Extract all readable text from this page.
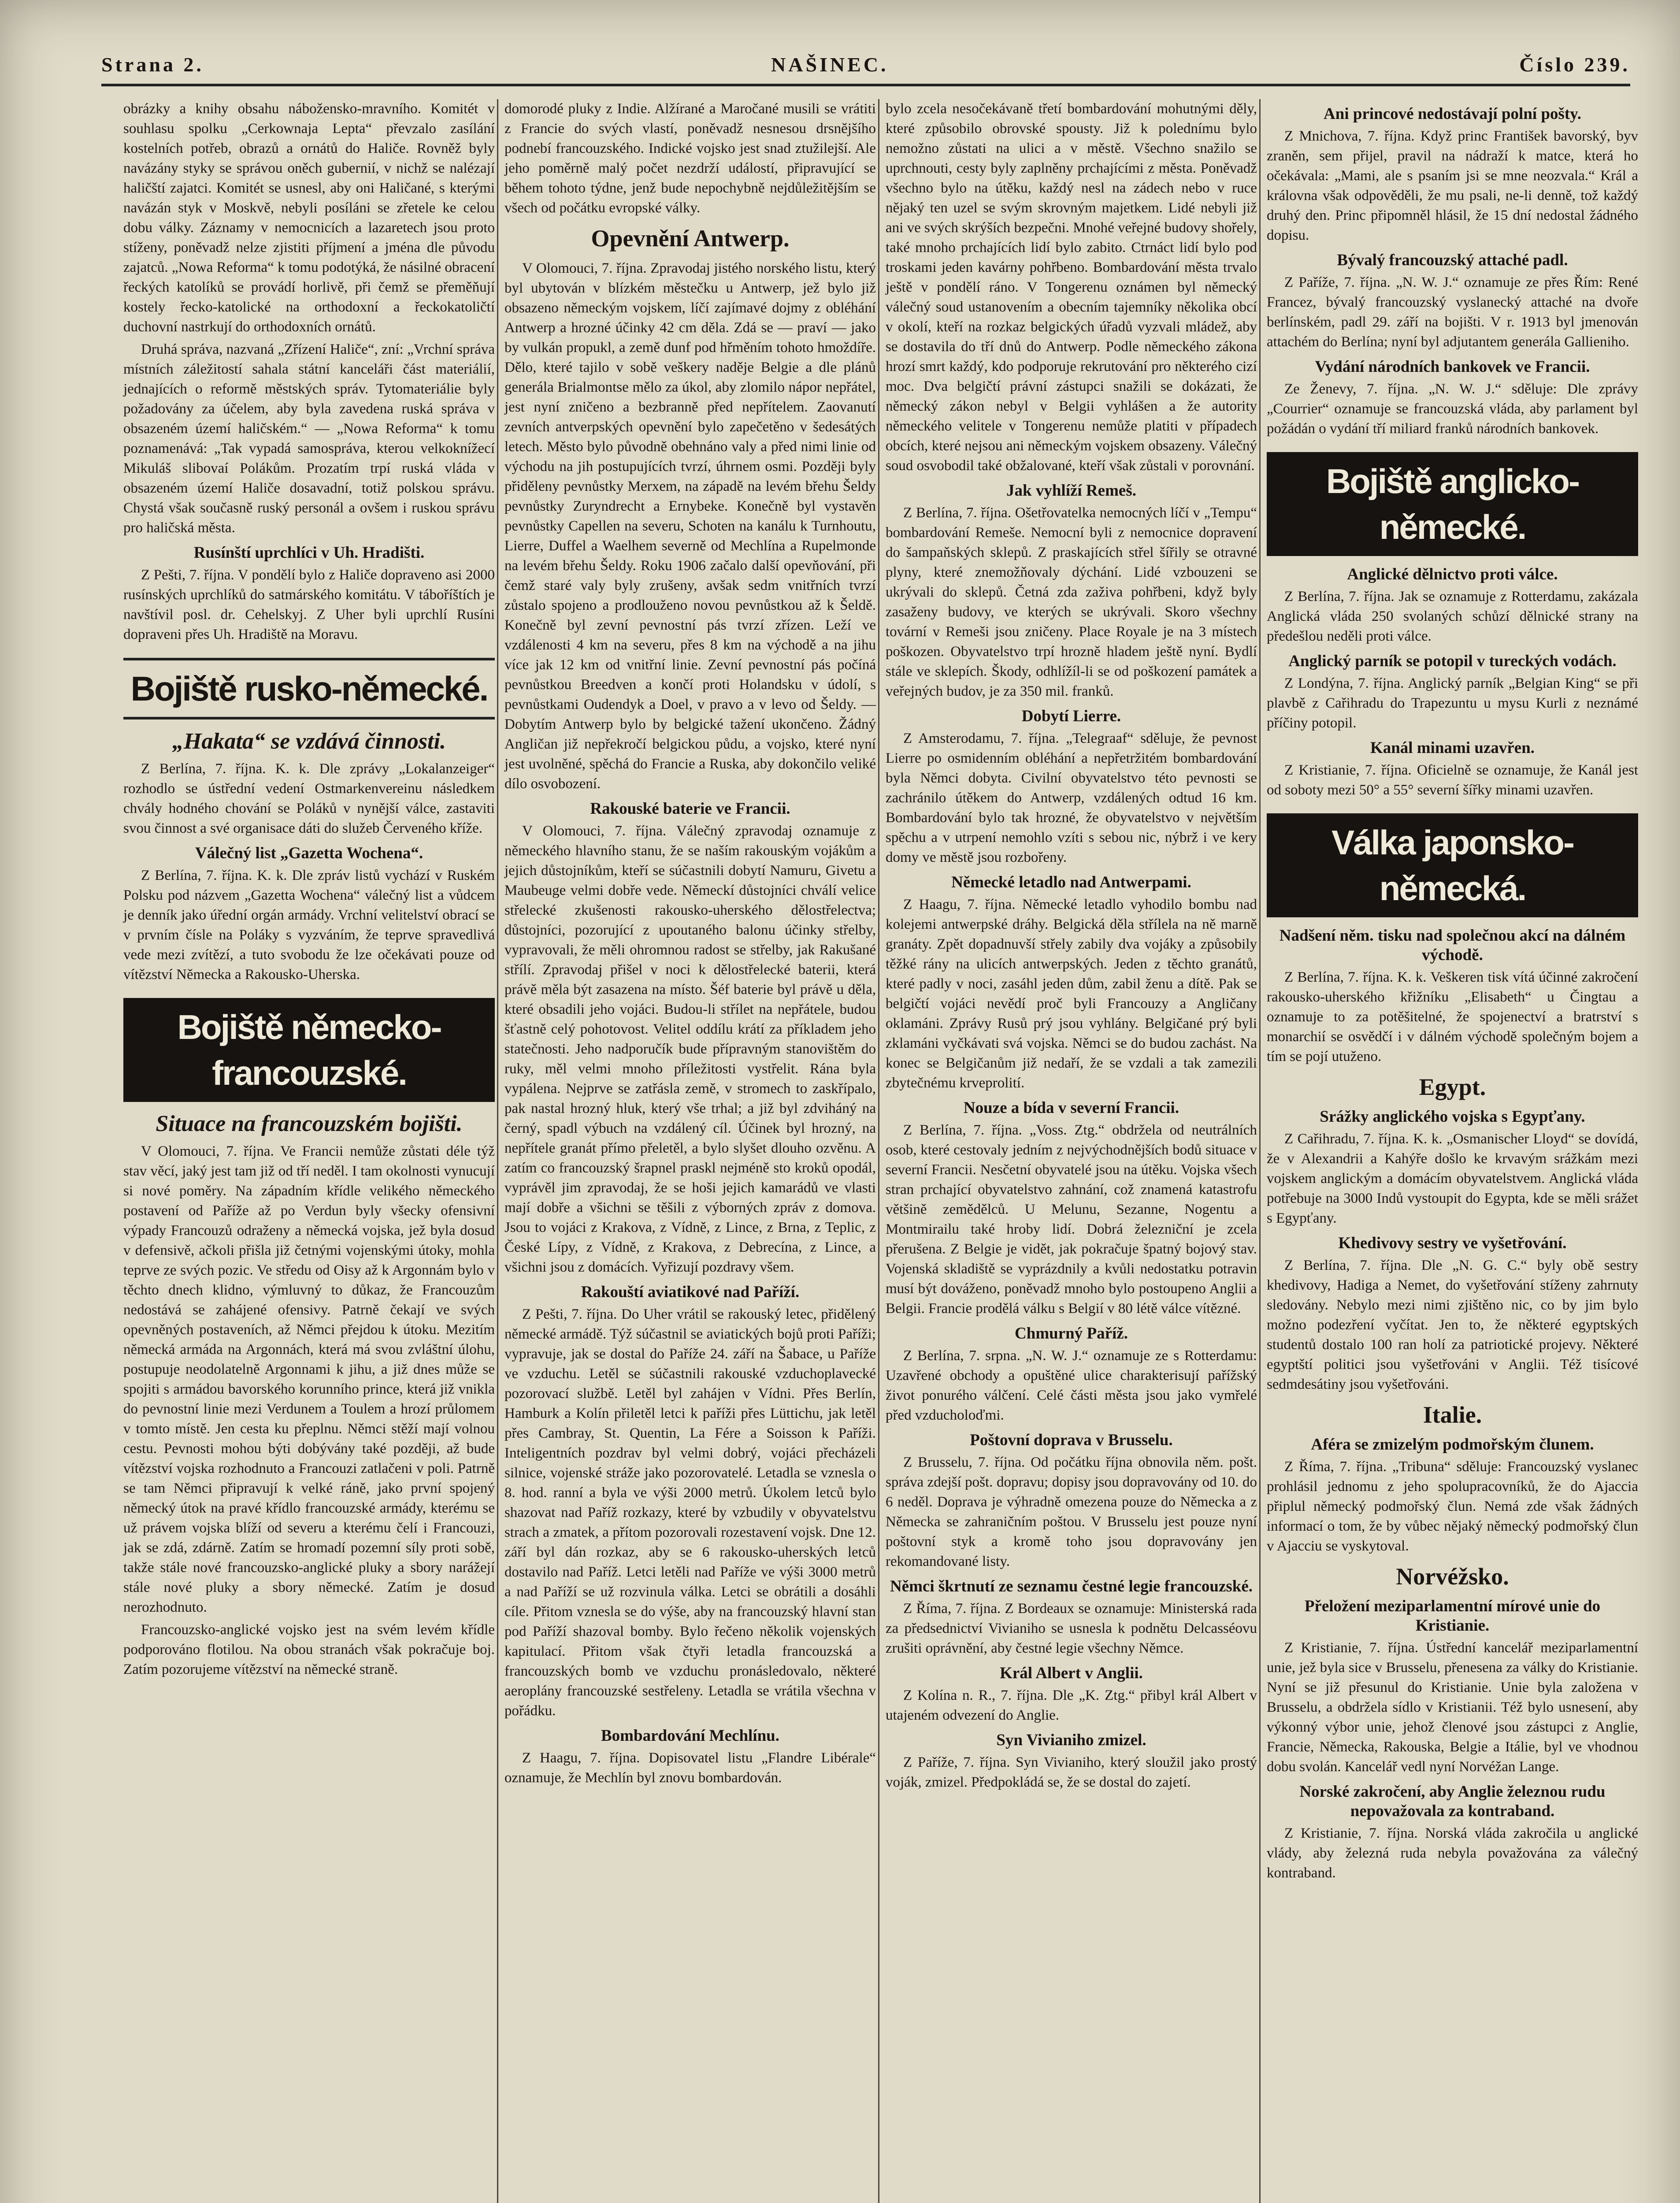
Strana 2.	NAŠINEC.	Číslo 239.

obrázky a knihy obsahu nábožensko-mravního. Komitét v souhlasu spolku „Cerkownaja Lepta“ převzalo zasílání kostelních potřeb, obrazů a ornátů do Haliče. Rovněž byly navázány styky se správou oněch gubernií, v nichž se nalézají haličští zajatci. Komitét se usnesl, aby oni Haličané, s kterými navázán styk v Moskvě, nebyli posíláni se zřetele ke celou dobu války. Záznamy v nemocnicích a lazaretech jsou proto stíženy, poněvadž nelze zjistiti příjmení a jména dle původu zajatců. „Nowa Reforma“ k tomu podotýká, že násilné obracení řeckých katolíků se provádí horlivě, při čemž se přeměňují kostely řecko-katolické na orthodoxní a řeckokatoličtí duchovní nastrkují do orthodoxních ornátů.

Druhá správa, nazvaná „Zřízení Haliče“, zní: „Vrchní správa místních záležitostí sahala státní kanceláři část materiálií, jednajících o reformě městských správ. Tytomateriálie byly požadovány za účelem, aby byla zavedena ruská správa v obsazeném území haličském.“ — „Nowa Reforma“ k tomu poznamenává: „Tak vypadá samospráva, kterou velkoknížecí Mikuláš slibovaí Polákům. Prozatím trpí ruská vláda v obsazeném území Haliče dosavadní, totiž polskou správu. Chystá však současně ruský personál a ovšem i ruskou správu pro haličská města.

Rusínští uprchlíci v Uh. Hradišti.

Z Pešti, 7. října. V pondělí bylo z Haliče dopraveno asi 2000 rusínských uprchlíků do satmárského komitátu. V táboříštích je navštívil posl. dr. Cehelskyj. Z Uher byli uprchlí Rusíni dopraveni přes Uh. Hradiště na Moravu.

Bojiště rusko-německé.
„Hakata“ se vzdává činnosti.

Z Berlína, 7. října. K. k. Dle zprávy „Lokalanzeiger“ rozhodlo se ústřední vedení Ostmarkenvereinu následkem chvály hodného chování se Poláků v nynější válce, zastaviti svou činnost a své organisace dáti do služeb Červeného kříže.

Válečný list „Gazetta Wochena“.

Z Berlína, 7. října. K. k. Dle zpráv listů vychází v Ruském Polsku pod názvem „Gazetta Wochena“ válečný list a vůdcem je denník jako úřední orgán armády. Vrchní velitelství obrací se v prvním čísle na Poláky s vyzváním, že teprve spravedlivá vede mezi zvítězí, a tuto svobodu že lze očekávati pouze od vítězství Německa a Rakousko-Uherska.

Bojiště německo-francouzské.
Situace na francouzském bojišti.

V Olomouci, 7. října. Ve Francii nemůže zůstati déle týž stav věcí, jaký jest tam již od tří neděl. I tam okolnosti vynucují si nové poměry. Na západním křídle velikého německého postavení od Paříže až po Verdun byly všecky ofensivní výpady Francouzů odraženy a německá vojska, jež byla dosud v defensivě, ačkoli přišla již četnými vojenskými útoky, mohla teprve ze svých pozic. Ve středu od Oisy až k Argonnám bylo v těchto dnech klidno, výmluvný to důkaz, že Francouzům nedostává se zahájené ofensivy. Patrně čekají ve svých opevněných postaveních, až Němci přejdou k útoku. Mezitím německá armáda na Argonnách, která má svou zvláštní úlohu, postupuje neodolatelně Argonnami k jihu, a již dnes může se spojiti s armádou bavorského korunního prince, která již vnikla do pevnostní linie mezi Verdunem a Toulem a hrozí průlomem v tomto místě. Jen cesta ku přeplnu. Němci stěží mají volnou cestu. Pevnosti mohou býti dobývány také později, až bude vítězství vojska rozhodnuto a Francouzi zatlačeni v poli. Patrně se tam Němci připravují k velké ráně, jako první spojený německý útok na pravé křídlo francouzské armády, kterému se už právem vojska blíží od severu a kterému čelí i Francouzi, jak se zdá, zdárně. Zatím se hromadí pozemní síly proti sobě, takže stále nové francouzsko-anglické pluky a sbory narážejí stále nové pluky a sbory německé. Zatím je dosud nerozhodnuto.

Francouzsko-anglické vojsko jest na svém levém křídle podporováno flotilou. Na obou stranách však pokračuje boj. Zatím pozorujeme vítězství na německé straně.

domorodé pluky z Indie. Alžírané a Maročané musili se vrátiti z Francie do svých vlastí, poněvadž nesnesou drsnějšího podnebí francouzského. Indické vojsko jest snad ztužilejší. Ale jeho poměrně malý počet nezdrží událostí, připravující se během tohoto týdne, jenž bude nepochybně nejdůležitějším se všech od počátku evropské války.

Opevnění Antwerp.

V Olomouci, 7. října. Zpravodaj jistého norského listu, který byl ubytován v blízkém městečku u Antwerp, jež bylo již obsazeno německým vojskem, líčí zajímavé dojmy z obléhání Antwerp a hrozné účinky 42 cm děla. Zdá se — praví — jako by vulkán propukl, a země dunf pod hřměním tohoto hmoždíře. Dělo, které tajilo v sobě veškery naděje Belgie a dle plánů generála Brialmontse mělo za úkol, aby zlomilo nápor nepřátel, jest nyní zničeno a bezbranně před nepřítelem. Zaovanutí zevních antverpských opevnění bylo zapečetěno v šedesátých letech. Město bylo původně obehnáno valy a před nimi linie od východu na jih postupujících tvrzí, úhrnem osmi. Později byly přiděleny pevnůstky Merxem, na západě na levém břehu Šeldy pevnůstky Zuryndrecht a Ernybeke. Konečně byl vystavěn pevnůstky Capellen na severu, Schoten na kanálu k Turnhoutu, Lierre, Duffel a Waelhem severně od Mechlína a Rupelmonde na levém břehu Šeldy. Roku 1906 začalo další opevňování, při čemž staré valy byly zrušeny, avšak sedm vnitřních tvrzí zůstalo spojeno a prodlouženo novou pevnůstkou až k Šeldě. Konečně byl zevní pevnostní pás tvrzí zřízen. Leží ve vzdálenosti 4 km na severu, přes 8 km na východě a na jihu více jak 12 km od vnitřní linie. Zevní pevnostní pás počíná pevnůstkou Breedven a končí proti Holandsku v údolí, s pevnůstkami Oudendyk a Doel, v pravo a v levo od Šeldy. — Dobytím Antwerp bylo by belgické tažení ukončeno. Žádný Angličan již nepřekročí belgickou půdu, a vojsko, které nyní jest uvolněné, spěchá do Francie a Ruska, aby dokončilo veliké dílo osvobození.

Rakouské baterie ve Francii.

V Olomouci, 7. října. Válečný zpravodaj oznamuje z německého hlavního stanu, že se naším rakouským vojákům a jejich důstojníkům, kteří se súčastnili dobytí Namuru, Givetu a Maubeuge velmi dobře vede. Německí důstojníci chválí velice střelecké zkušenosti rakousko-uherského dělostřelectva; důstojníci, pozorující z upoutaného balonu účinky střelby, vypravovali, že měli ohromnou radost se střelby, jak Rakušané střílí. Zpravodaj přišel v noci k dělostřelecké baterii, která právě měla být zasazena na místo. Šéf baterie byl právě u děla, které obsadili jeho vojáci. Budou-li střílet na nepřátele, budou šťastně celý pohotovost. Velitel oddílu krátí za příkladem jeho statečnosti. Jeho nadporučík bude přípravným stanovištěm do ruky, měl velmi mnoho příležitosti vystřelit. Rána byla vypálena. Nejprve se zatřásla země, v stromech to zaskřípalo, pak nastal hrozný hluk, který vše trhal; a již byl zdviháný na černý, spadl výbuch na vzdálený cíl. Účinek byl hrozný, na nepřítele granát přímo přeletěl, a bylo slyšet dlouho ozvěnu. A zatím co francouzský šrapnel praskl nejméně sto kroků opodál, vyprávěl jim zpravodaj, že se hoši jejich kamarádů ve vlasti mají dobře a všichni se těšili z výborných zpráv z domova. Jsou to vojáci z Krakova, z Vídně, z Lince, z Brna, z Teplic, z České Lípy, z Vídně, z Krakova, z Debrecína, z Lince, a všichni jsou z domácích. Vyřizují pozdravy všem.

Rakouští aviatikové nad Paříží.

Z Pešti, 7. října. Do Uher vrátil se rakouský letec, přidělený německé armádě. Týž súčastnil se aviatických bojů proti Paříži; vypravuje, jak se dostal do Paříže 24. září na Šabace, u Paříže ve vzduchu. Letěl se súčastnili rakouské vzduchoplavecké pozorovací službě. Letěl byl zahájen v Vídni. Přes Berlín, Hamburk a Kolín přiletěl letci k paříži přes Lüttichu, jak letěl přes Cambray, St. Quentin, La Fére a Soisson k Paříži. Inteligentních pozdrav byl velmi dobrý, vojáci přecházeli silnice, vojenské stráže jako pozorovatelé. Letadla se vznesla o 8. hod. ranní a byla ve výši 2000 metrů. Úkolem letců bylo shazovat nad Paříž rozkazy, které by vzbudily v obyvatelstvu strach a zmatek, a přítom pozorovali rozestavení vojsk. Dne 12. září byl dán rozkaz, aby se 6 rakousko-uherských letců dostavilo nad Paříž. Letci letěli nad Paříže ve výši 3000 metrů a nad Paříží se už rozvinula válka. Letci se obrátili a dosáhli cíle. Přitom vznesla se do výše, aby na francouzský hlavní stan pod Paříží shazoval bomby. Bylo řečeno několik vojenských kapitulací. Přitom však čtyři letadla francouzská a francouzských bomb ve vzduchu pronásledovalo, některé aeroplány francouzské sestřeleny. Letadla se vrátila všechna v pořádku.

Bombardování Mechlínu.

Z Haagu, 7. října. Dopisovatel listu „Flandre Libérale“ oznamuje, že Mechlín byl znovu bombardován.

bylo zcela nesočekávaně třetí bombardování mohutnými děly, které způsobilo obrovské spousty. Již k polednímu bylo nemožno zůstati na ulici a v městě. Všechno snažilo se uprchnouti, cesty byly zaplněny prchajícími z města. Poněvadž všechno bylo na útěku, každý nesl na zádech nebo v ruce nějaký ten uzel se svým skrovným majetkem. Lidé nebyli již ani ve svých skrýších bezpečni. Mnohé veřejné budovy shořely, také mnoho prchajících lidí bylo zabito. Ctrnáct lidí bylo pod troskami jeden kavárny pohřbeno. Bombardování města trvalo ještě v pondělí ráno. V Tongerenu oznámen byl německý válečný soud ustanovením a obecním tajemníky několika obcí v okolí, kteří na rozkaz belgických úřadů vyzvali mládež, aby se dostavila do tří dnů do Antwerp. Podle německého zákona hrozí smrt každý, kdo podporuje rekrutování pro některého cizí moc. Dva belgičtí právní zástupci snažili se dokázati, že německý zákon nebyl v Belgii vyhlášen a že autority německého velitele v Tongerenu nemůže platiti v případech obcích, které nejsou ani německým vojskem obsazeny. Válečný soud osvobodil také obžalované, kteří však zůstali v porovnání.

Jak vyhlíží Remeš.

Z Berlína, 7. října. Ošetřovatelka nemocných líčí v „Tempu“ bombardování Remeše. Nemocní byli z nemocnice dopravení do šampaňských sklepů. Z praskajících střel šířily se otravné plyny, které znemožňovaly dýchání. Lidé vzbouzeni se ukrývali do sklepů. Četná zda zaživa pohřbeni, když byly zasaženy budovy, ve kterých se ukrývali. Skoro všechny tovární v Remeši jsou zničeny. Place Royale je na 3 místech poškozen. Obyvatelstvo trpí hrozně hladem ještě nyní. Bydlí stále ve sklepích. Škody, odhlížíl-li se od poškození památek a veřejných budov, je za 350 mil. franků.

Dobytí Lierre.

Z Amsterodamu, 7. října. „Telegraaf“ sděluje, že pevnost Lierre po osmidenním obléhání a nepřetržitém bombardování byla Němci dobyta. Civilní obyvatelstvo této pevnosti se zachránilo útěkem do Antwerp, vzdálených odtud 16 km. Bombardování bylo tak hrozné, že obyvatelstvo v největším spěchu a v utrpení nemohlo vzíti s sebou nic, nýbrž i ve kery domy ve městě jsou rozbořeny.

Německé letadlo nad Antwerpami.

Z Haagu, 7. října. Německé letadlo vyhodilo bombu nad kolejemi antwerpské dráhy. Belgická děla střílela na ně marně granáty. Zpět dopadnuvší střely zabily dva vojáky a způsobily těžké rány na ulicích antwerpských. Jeden z těchto granátů, které padly v noci, zasáhl jeden dům, zabil ženu a dítě. Pak se belgičtí vojáci nevědí proč byli Francouzy a Angličany oklamáni. Zprávy Rusů prý jsou vyhlány. Belgičané prý byli zklamáni vyčkávati svá vojska. Němci se do budou zachást. Na konec se Belgičanům již nedaří, že se vzdali a tak zamezili zbytečnému krveprolití.

Nouze a bída v severní Francii.

Z Berlína, 7. října. „Voss. Ztg.“ obdržela od neutrálních osob, které cestovaly jedním z nejvýchodnějších bodů situace v severní Francii. Nesčetní obyvatelé jsou na útěku. Vojska všech stran prchající obyvatelstvo zahnání, což znamená katastrofu většině zemědělců. U Melunu, Sezanne, Nogentu a Montmirailu také hroby lidí. Dobrá železniční je zcela přerušena. Z Belgie je vidět, jak pokračuje špatný bojový stav. Vojenská skladiště se vyprázdnily a kvůli nedostatku potravin musí být dováženo, poněvadž mnoho bylo postoupeno Anglii a Belgii. Francie prodělá válku s Belgií v 80 létě válce vítězné.

Chmurný Paříž.

Z Berlína, 7. srpna. „N. W. J.“ oznamuje ze s Rotterdamu: Uzavřené obchody a opuštěné ulice charakterisují pařížský život ponurého válčení. Celé části města jsou jako vymřelé před vzducholoďmi.

Poštovní doprava v Brusselu.

Z Brusselu, 7. října. Od počátku října obnovila něm. pošt. správa zdejší pošt. dopravu; dopisy jsou dopravovány od 10. do 6 neděl. Doprava je výhradně omezena pouze do Německa a z Německa se zahraničním poštou. V Brusselu jest pouze nyní poštovní styk a kromě toho jsou dopravovány jen rekomandované listy.

Němci škrtnutí ze seznamu čestné legie francouzské.

Z Říma, 7. října. Z Bordeaux se oznamuje: Ministerská rada za předsednictví Vivianiho se usnesla k podnětu Delcasséovu zrušiti oprávnění, aby čestné legie všechny Němce.

Král Albert v Anglii.

Z Kolína n. R., 7. října. Dle „K. Ztg.“ přibyl král Albert v utajeném odvezení do Anglie.

Syn Vivianiho zmizel.

Z Paříže, 7. října. Syn Vivianiho, který sloužil jako prostý voják, zmizel. Předpokládá se, že se dostal do zajetí.

Ani princové nedostávají polní pošty.

Z Mnichova, 7. října. Když princ František bavorský, byv zraněn, sem přijel, pravil na nádraží k matce, která ho očekávala: „Mami, ale s psaním jsi se mne neozvala.“ Král a královna však odpověděli, že mu psali, ne-li denně, tož každý druhý den. Princ připomněl hlásil, že 15 dní nedostal žádného dopisu.

Bývalý francouzský attaché padl.

Z Paříže, 7. října. „N. W. J.“ oznamuje ze přes Řím: René Francez, bývalý francouzský vyslanecký attaché na dvoře berlínském, padl 29. září na bojišti. V r. 1913 byl jmenován attachém do Berlína; nyní byl adjutantem generála Gallieniho.

Vydání národních bankovek ve Francii.

Ze Ženevy, 7. října. „N. W. J.“ sděluje: Dle zprávy „Courrier“ oznamuje se francouzská vláda, aby parlament byl požádán o vydání tří miliard franků národních bankovek.

Bojiště anglicko-německé.
Anglické dělnictvo proti válce.

Z Berlína, 7. října. Jak se oznamuje z Rotterdamu, zakázala Anglická vláda 250 svolaných schůzí dělnické strany na předešlou neděli proti válce.

Anglický parník se potopil v tureckých vodách.

Z Londýna, 7. října. Anglický parník „Belgian King“ se při plavbě z Cařihradu do Trapezuntu u mysu Kurli z neznámé příčiny potopil.

Kanál minami uzavřen.

Z Kristianie, 7. října. Oficielně se oznamuje, že Kanál jest od soboty mezi 50° a 55° severní šířky minami uzavřen.

Válka japonsko-německá.
Nadšení něm. tisku nad společnou akcí na dálném východě.

Z Berlína, 7. října. K. k. Veškeren tisk vítá účinné zakročení rakousko-uherského křižníku „Elisabeth“ u Čingtau a oznamuje to za potěšitelné, že spojenectví a bratrství s monarchií se osvědčí i v dálném východě společným bojem a tím se pojí utuženo.

Egypt.
Srážky anglického vojska s Egypťany.

Z Cařihradu, 7. října. K. k. „Osmanischer Lloyd“ se dovídá, že v Alexandrii a Kahýře došlo ke krvavým srážkám mezi vojskem anglickým a domácím obyvatelstvem. Anglická vláda potřebuje na 3000 Indů vystoupit do Egypta, kde se měli srážet s Egypťany.

Khedivovy sestry ve vyšetřování.

Z Berlína, 7. října. Dle „N. G. C.“ byly obě sestry khedivovy, Hadiga a Nemet, do vyšetřování stíženy zahrnuty sledovány. Nebylo mezi nimi zjištěno nic, co by jim bylo možno podezření vyčítat. Jen to, že některé egyptských studentů dostalo 100 ran holí za patriotické projevy. Některé egyptští politici jsou vyšetřováni v Anglii. Též tisícové sedmdesátiny jsou vyšetřováni.

Italie.
Aféra se zmizelým podmořským člunem.

Z Říma, 7. října. „Tribuna“ sděluje: Francouzský vyslanec prohlásil jednomu z jeho spolupracovníků, že do Ajaccia připlul německý podmořský člun. Nemá zde však žádných informací o tom, že by vůbec nějaký německý podmořský člun v Ajacciu se vyskytoval.

Norvéžsko.
Přeložení meziparlamentní mírové unie do Kristianie.

Z Kristianie, 7. října. Ústřední kancelář meziparlamentní unie, jež byla sice v Brusselu, přenesena za války do Kristianie. Nyní se již přesunul do Kristianie. Unie byla založena v Brusselu, a obdržela sídlo v Kristianii. Též bylo usnesení, aby výkonný výbor unie, jehož členové jsou zástupci z Anglie, Francie, Německa, Rakouska, Belgie a Itálie, byl ve vhodnou dobu svolán. Kancelář vedl nyní Norvéžan Lange.

Norské zakročení, aby Anglie železnou rudu nepovažovala za kontraband.

Z Kristianie, 7. října. Norská vláda zakročila u anglické vlády, aby železná ruda nebyla považována za válečný kontraband.
